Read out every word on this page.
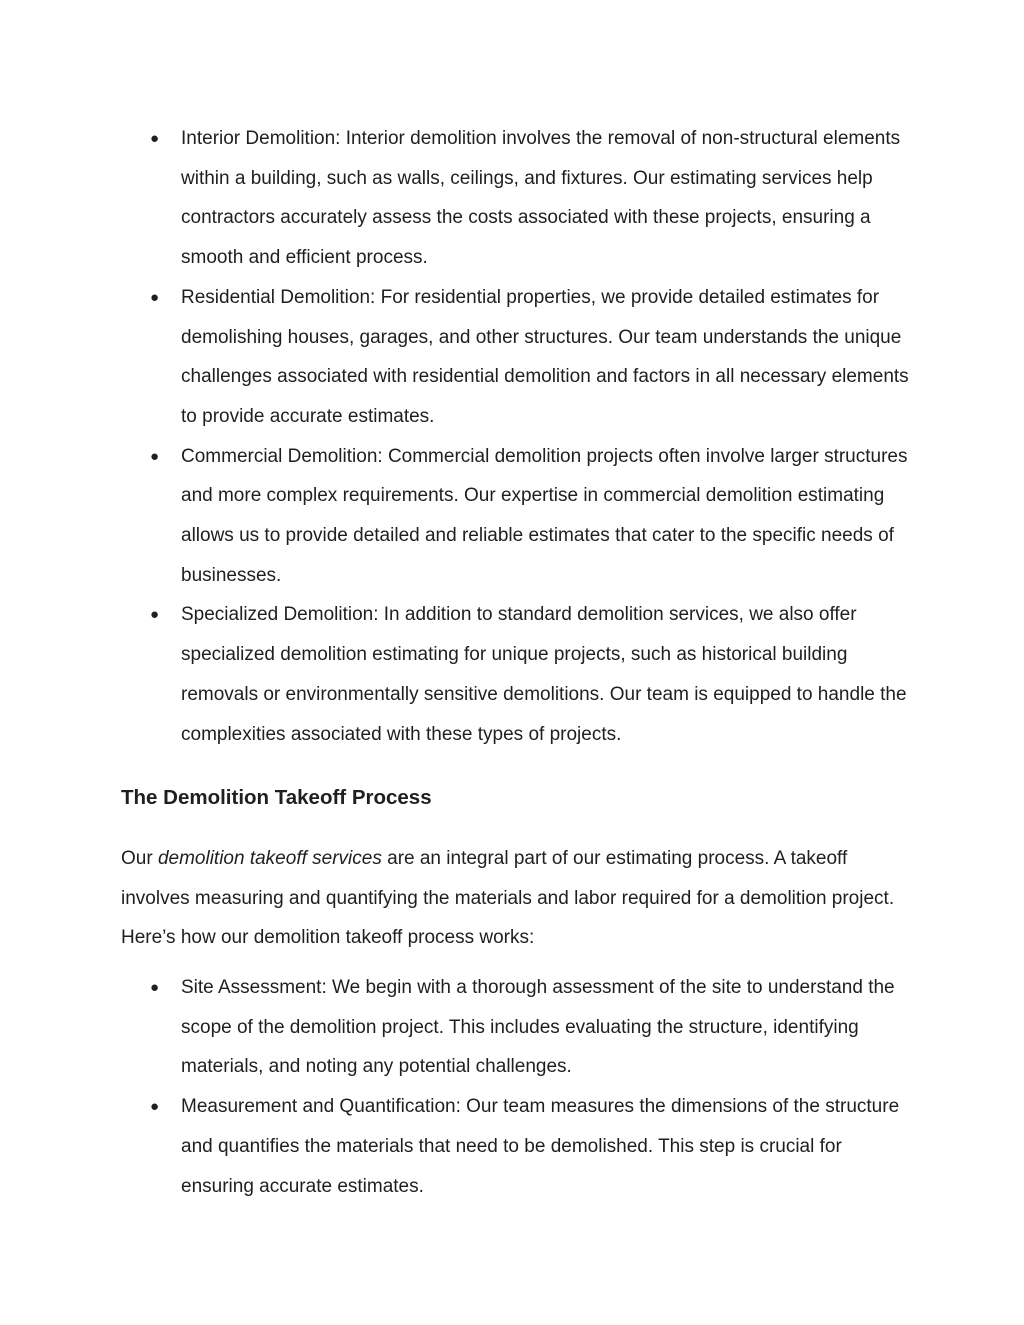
● Interior Demolition: Interior demolition involves the removal of non-structural elements within a building, such as walls, ceilings, and fixtures. Our estimating services help contractors accurately assess the costs associated with these projects, ensuring a smooth and efficient process.
● Residential Demolition: For residential properties, we provide detailed estimates for demolishing houses, garages, and other structures. Our team understands the unique challenges associated with residential demolition and factors in all necessary elements to provide accurate estimates.
● Commercial Demolition: Commercial demolition projects often involve larger structures and more complex requirements. Our expertise in commercial demolition estimating allows us to provide detailed and reliable estimates that cater to the specific needs of businesses.
● Specialized Demolition: In addition to standard demolition services, we also offer specialized demolition estimating for unique projects, such as historical building removals or environmentally sensitive demolitions. Our team is equipped to handle the complexities associated with these types of projects.
The Demolition Takeoff Process

Our demolition takeoff services are an integral part of our estimating process. A takeoff involves measuring and quantifying the materials and labor required for a demolition project. Here’s how our demolition takeoff process works:

● Site Assessment: We begin with a thorough assessment of the site to understand the scope of the demolition project. This includes evaluating the structure, identifying materials, and noting any potential challenges.
● Measurement and Quantification: Our team measures the dimensions of the structure and quantifies the materials that need to be demolished. This step is crucial for ensuring accurate estimates.
